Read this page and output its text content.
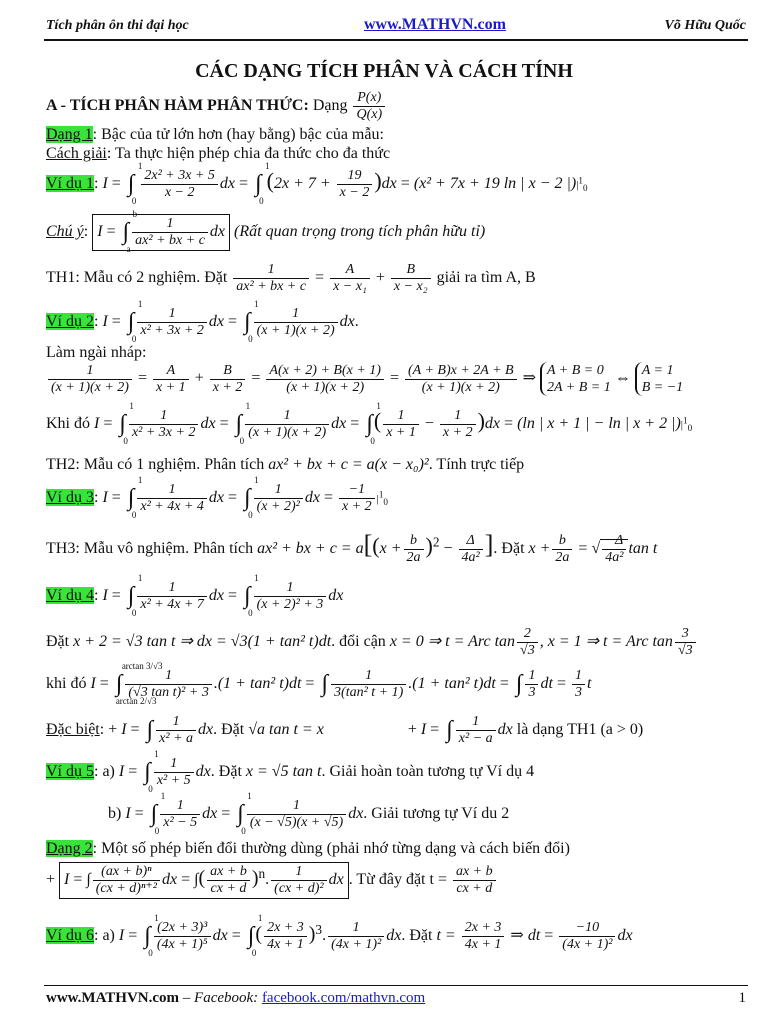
Tích phân ôn thi đại học	www.MATHVN.com	Võ Hữu Quốc
CÁC DẠNG TÍCH PHÂN VÀ CÁCH TÍNH
A - TÍCH PHÂN HÀM PHÂN THỨC: Dạng $\frac{P(x)}{Q(x)}$
Dạng 1: Bậc của tử lớn hơn (hay bằng) bậc của mẫu:
Cách giải: Ta thực hiện phép chia đa thức cho đa thức
Ví dụ 1: I = ∫
1
0
$\frac{\text{2x² + 3x + 5}}{x - 2}$ dx = ∫
1
0
$(2x + 7 + \frac{19}{x - 2} )dx = (x^2 + 7x + 19$ ln | x − 2 $|)|^1_0$
Chú ý: I = ∫
b
a $\frac{1}{\text{ax² + bx + c}}$ dx (Rất quan trọng trong tích phân hữu tỉ)
TH1: Mẫu có 2 nghiệm. Đặt $\frac{1}{\text{ax² + bx + c}} = \frac{A}{\text{x − x₁}} + \frac{B}{\text{x − x₂}}$ giải ra tìm A, B
Ví dụ 2: I = ∫
1
$0 \frac{1}{\text{x² + 3x + 2}}$ dx = ∫
1
$0 \frac{1}{(x + 1)(x + 2)}$ dx.
Làm ngài nháp:
$\frac{1}{(x + 1)(x + 2)} = \frac{A}{x + 1} + \frac{B}{x + 2} = \frac{A(x + 2) + B(x + 1)}{(x + 1)(x + 2)} = \frac{(A + B)x + 2A + B}{(x + 1)(x + 2)}$ ⇒ A + B = 0
2A + B = 1
⇔ A = 1
B = −1
Khi đó I = ∫
1
$0 \frac{1}{\text{x² + 3x + 2}}$ dx = ∫
1
$0 \frac{1}{(x + 1)(x + 2)}$ dx = ∫
1
0
( $\frac{1}{x + 1} - \frac{1}{x + 2} )dx = (\ln$ | x + 1 | − ln | x + 2 $|)|^1_0$
TH2: Mẫu có 1 nghiệm. Phân tích ax² + bx + c = a(x − x₀)². Tính trực tiếp
Ví dụ 3: I = ∫
1
$0 \frac{1}{\text{x² + 4x + 4}}$ dx = ∫
1
$0 \frac{1}{\text{(x + 2)²}}$ dx = $\frac{-1}{x + 2} |^1_0$
TH3: Mẫu vô nghiệm. Phân tích ax² + bx + $c = a[(x + \frac{b}{2a} )^2 - \frac{\Delta}{\text{4a²}}$ ]. Đặt $x + \frac{b}{2a}$ = √ $\frac{-\Delta}{\text{4a²}}$ tan t
Ví dụ 4: I = ∫
1
$0 \frac{1}{\text{x² + 4x + 7}}$ dx = ∫
1
$0 \frac{1}{\text{(x + 2)² + 3}}$ dx
Đặt x + 2 = √3 tan t ⇒ dx = √3(1 + tan² t)dt. đổi cận x = 0 ⇒ t = Arc $\tan \frac{2}{√3}$ , x = 1 ⇒ t = Arc $\tan \frac{3}{√3}$
khi đó I = ∫
arctan 3/√3
arctan 2/√3
$\frac{1}{\text{(√3 tan t)² + 3}} .(1 + \tan^2$ t)dt = ∫ $\frac{1}{\text{3(tan² t + 1)}} .(1 + \tan^2$ t)dt = ∫ $\frac{1}{3}$ dt = $\frac{1}{3}$ t
Đặc biệt: + I = ∫ $\frac{1}{\text{x² + a}}$ dx. Đặt √a tan t = x	+ I = ∫ $\frac{1}{\text{x² − a}}$ dx là dạng TH1 (a > 0)
Ví dụ 5: a) I = ∫
1
$0 \frac{1}{\text{x² + 5}}$ dx. Đặt x = √5 tan t. Giải hoàn toàn tương tự Ví dụ 4
b) I = ∫
1
$0 \frac{1}{\text{x² − 5}}$ dx = ∫
1
$0 \frac{1}{(x - √5)(x + √5)}$ dx. Giải tương tự Ví du 2
Dạng 2: Một số phép biến đổi thường dùng (phải nhớ từng dạng và cách biến đổi)
+ I = ∫ $\frac{\text{(ax + b)ⁿ}}{\text{(cx + d)ⁿ⁺²}}$ dx = ∫( $\frac{ax + b}{cx + d} )^n$. $\frac{1}{\text{(cx + d)²}}$ dx . Từ đây đặt $t = \frac{ax + b}{cx + d}$
Ví dụ 6: a) I = ∫
1
$0 \frac{\text{(2x + 3)³}}{\text{(4x + 1)⁵}}$ dx = ∫
1
0
( $\frac{2x + 3}{4x + 1} )^3$. $\frac{1}{\text{(4x + 1)²}}$ dx. Đặt $t = \frac{2x + 3}{4x + 1}$ ⇒ dt = $\frac{-10}{\text{(4x + 1)²}}$ dx
www.MATHVN.com – Facebook: facebook.com/mathvn.com	1
